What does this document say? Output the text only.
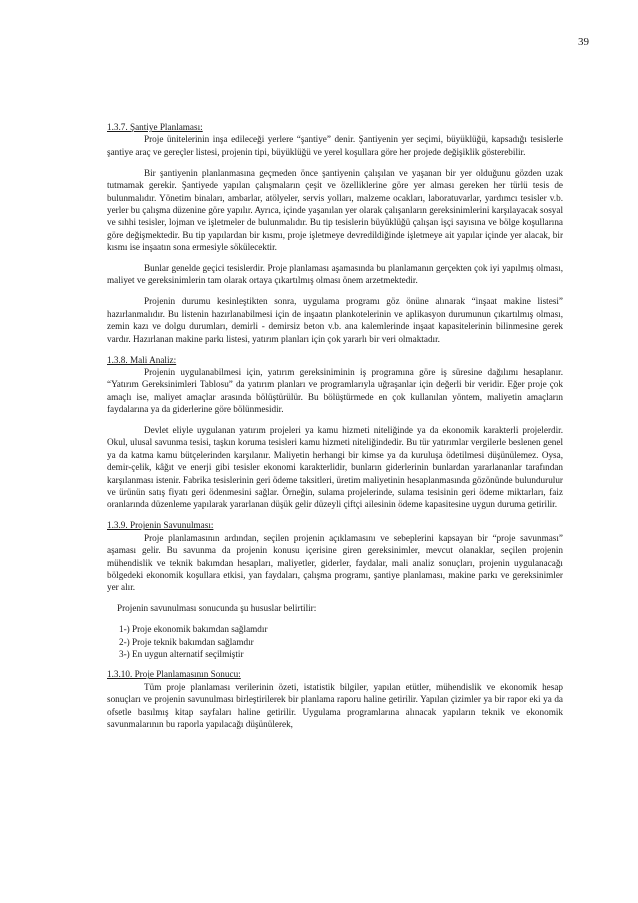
39
1.3.7. Şantiye Planlaması:

Proje ünitelerinin inşa edileceği yerlere “şantiye” denir. Şantiyenin yer seçimi, büyüklüğü, kapsadığı tesislerle şantiye araç ve gereçler listesi, projenin tipi, büyüklüğü ve yerel koşullara göre her projede değişiklik gösterebilir.

Bir şantiyenin planlanmasına geçmeden önce şantiyenin çalışılan ve yaşanan bir yer olduğunu gözden uzak tutmamak gerekir. Şantiyede yapılan çalışmaların çeşit ve özelliklerine göre yer alması gereken her türlü tesis de bulunmalıdır. Yönetim binaları, ambarlar, atölyeler, servis yolları, malzeme ocakları, laboratuvarlar, yardımcı tesisler v.b. yerler bu çalışma düzenine göre yapılır. Ayrıca, içinde yaşanılan yer olarak çalışanların gereksinimlerini karşılayacak sosyal ve sıhhi tesisler, lojman ve işletmeler de bulunmalıdır. Bu tip tesislerin büyüklüğü çalışan işçi sayısına ve bölge koşullarına göre değişmektedir. Bu tip yapılardan bir kısmı, proje işletmeye devredildiğinde işletmeye ait yapılar içinde yer alacak, bir kısmı ise inşaatın sona ermesiyle sökülecektir.

Bunlar genelde geçici tesislerdir. Proje planlaması aşamasında bu planlamanın gerçekten çok iyi yapılmış olması, maliyet ve gereksinimlerin tam olarak ortaya çıkartılmış olması önem arzetmektedir.

Projenin durumu kesinleştikten sonra, uygulama programı göz önüne alınarak “inşaat makine listesi” hazırlanmalıdır. Bu listenin hazırlanabilmesi için de inşaatın plankotelerinin ve aplikasyon durumunun çıkartılmış olması, zemin kazı ve dolgu durumları, demirli - demirsiz beton v.b. ana kalemlerinde inşaat kapasitelerinin bilinmesine gerek vardır. Hazırlanan makine parkı listesi, yatırım planları için çok yararlı bir veri olmaktadır.

1.3.8. Mali Analiz:

Projenin uygulanabilmesi için, yatırım gereksiniminin iş programına göre iş süresine dağılımı hesaplanır. “Yatırım Gereksinimleri Tablosu” da yatırım planları ve programlarıyla uğraşanlar için değerli bir veridir. Eğer proje çok amaçlı ise, maliyet amaçlar arasında bölüştürülür. Bu bölüştürmede en çok kullanılan yöntem, maliyetin amaçların faydalarına ya da giderlerine göre bölünmesidir.

Devlet eliyle uygulanan yatırım projeleri ya kamu hizmeti niteliğinde ya da ekonomik karakterli projelerdir. Okul, ulusal savunma tesisi, taşkın koruma tesisleri kamu hizmeti niteliğindedir. Bu tür yatırımlar vergilerle beslenen genel ya da katma kamu bütçelerinden karşılanır. Maliyetin herhangi bir kimse ya da kuruluşa ödetilmesi düşünülemez. Oysa, demir-çelik, kâğıt ve enerji gibi tesisler ekonomi karakterlidir, bunların giderlerinin bunlardan yararlananlar tarafından karşılanması istenir. Fabrika tesislerinin geri ödeme taksitleri, üretim maliyetinin hesaplanmasında gözönünde bulundurulur ve ürünün satış fiyatı geri ödenmesini sağlar. Örneğin, sulama projelerinde, sulama tesisinin geri ödeme miktarları, faiz oranlarında düzenleme yapılarak yararlanan düşük gelir düzeyli çiftçi ailesinin ödeme kapasitesine uygun duruma getirilir.

1.3.9. Projenin Savunulması:

Proje planlamasının ardından, seçilen projenin açıklamasını ve sebeplerini kapsayan bir “proje savunması” aşaması gelir. Bu savunma da projenin konusu içerisine giren gereksinimler, mevcut olanaklar, seçilen projenin mühendislik ve teknik bakımdan hesapları, maliyetler, giderler, faydalar, mali analiz sonuçları, projenin uygulanacağı bölgedeki ekonomik koşullara etkisi, yan faydaları, çalışma programı, şantiye planlaması, makine parkı ve gereksinimler yer alır.

Projenin savunulması sonucunda şu hususlar belirtilir:

1-) Proje ekonomik bakımdan sağlamdır
2-) Proje teknik bakımdan sağlamdır
3-) En uygun alternatif seçilmiştir
1.3.10. Proje Planlamasının Sonucu:

Tüm proje planlaması verilerinin özeti, istatistik bilgiler, yapılan etütler, mühendislik ve ekonomik hesap sonuçları ve projenin savunulması birleştirilerek bir planlama raporu haline getirilir. Yapılan çizimler ya bir rapor eki ya da ofsetle basılmış kitap sayfaları haline getirilir. Uygulama programlarına alınacak yapıların teknik ve ekonomik savunmalarının bu raporla yapılacağı düşünülerek,
